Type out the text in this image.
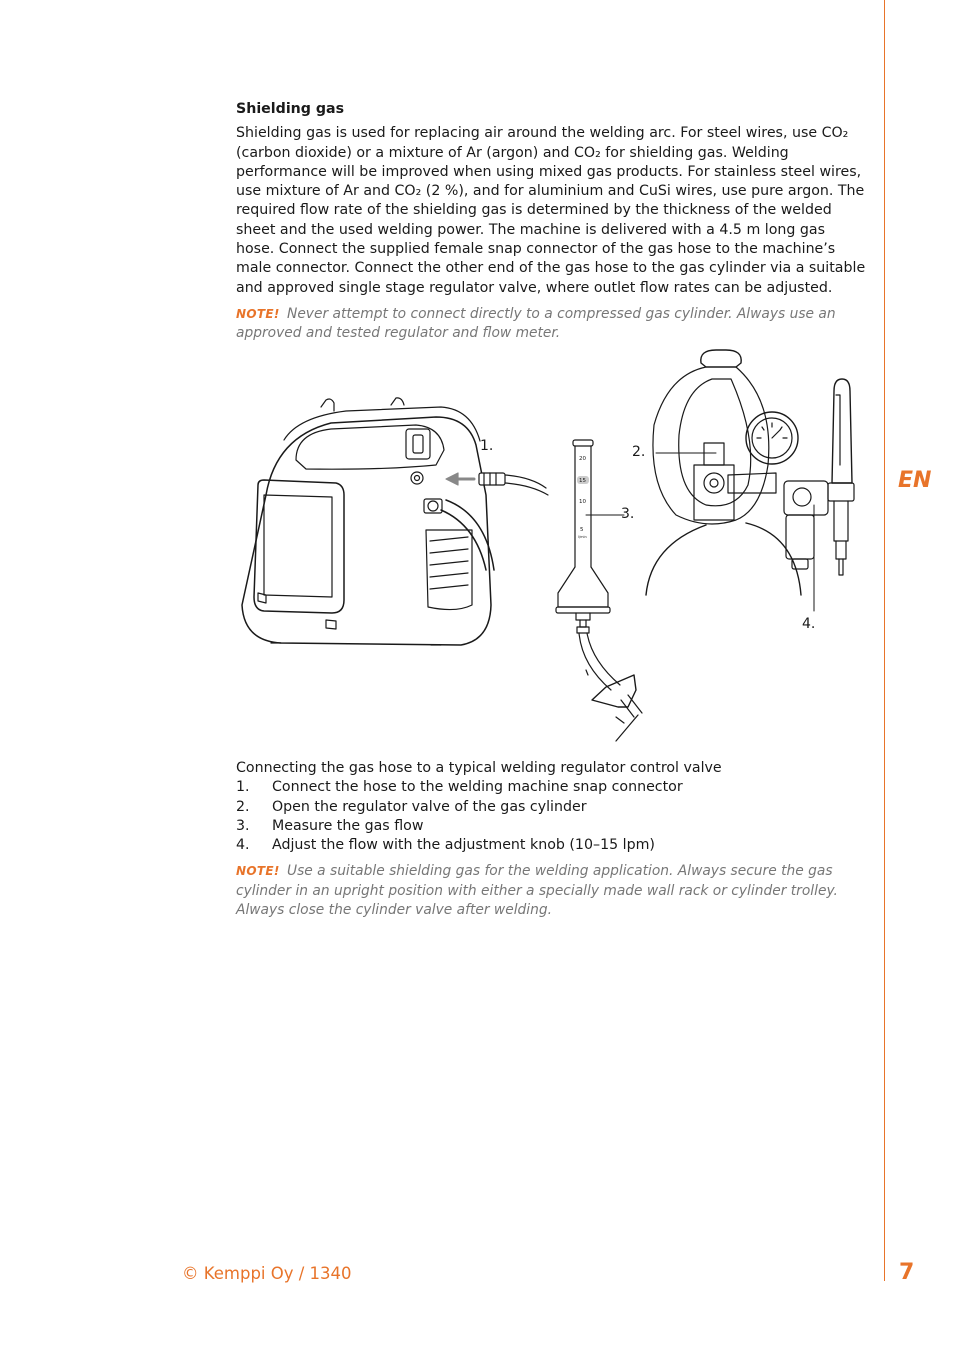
EN
Shielding gas

Shielding gas is used for replacing air around the welding arc. For steel wires, use CO₂ (carbon dioxide) or a mixture of Ar (argon) and CO₂ for shielding gas. Welding performance will be improved when using mixed gas products. For stainless steel wires, use mixture of Ar and CO₂ (2 %), and for aluminium and CuSi wires, use pure argon. The required flow rate of the shielding gas is determined by the thickness of the welded sheet and the used welding power. The machine is delivered with a 4.5 m long gas hose. Connect the supplied female snap connector of the gas hose to the machine’s male connector. Connect the other end of the gas hose to the gas cylinder via a suitable and approved single stage regulator valve, where outlet flow rates can be adjusted.

NOTE! Never attempt to connect directly to a compressed gas cylinder. Always use an approved and tested regulator and flow meter.

20
15
10
5
l/min
1.	2.
3.
4.

Connecting the gas hose to a typical welding regulator control valve

1.	Connect the hose to the welding machine snap connector
2.	Open the regulator valve of the gas cylinder
3.	Measure the gas flow
4.	Adjust the flow with the adjustment knob (10–15 lpm)

NOTE! Use a suitable shielding gas for the welding application. Always secure the gas cylinder in an upright position with either a specially made wall rack or cylinder trolley. Always close the cylinder valve after welding.

© Kemppi Oy / 1340	7
